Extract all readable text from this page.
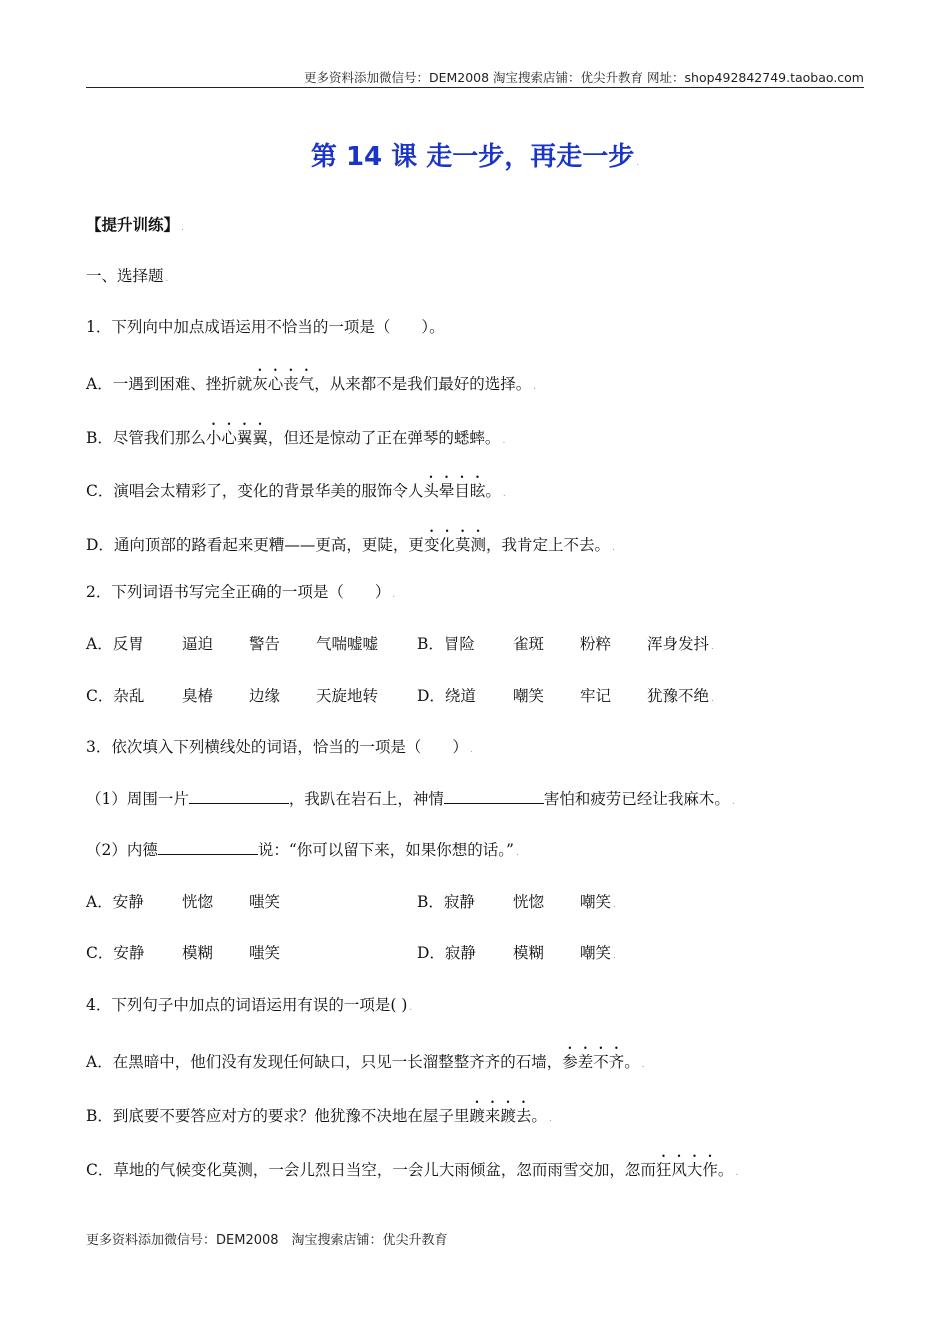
更多资料添加微信号：DEM2008 淘宝搜索店铺：优尖升教育 网址：shop492842749.taobao.com
第 14 课 走一步，再走一步 .
【提升训练】 .
一、选择题 .
1．下列向中加点成语运用不恰当的一项是（　　）。
A．一遇到困难、挫折就灰心丧气，从来都不是我们最好的选择。 .
B．尽管我们那么小心翼翼，但还是惊动了正在弹琴的蟋蟀。 .
C．演唱会太精彩了，变化的背景华美的服饰令人头晕目眩。 .
D．通向顶部的路看起来更糟——更高，更陡，更变化莫测，我肯定上不去。 .
2．下列词语书写完全正确的一项是（　　） .
A．反胃 逼迫 警告 气喘嘘嘘	B．冒险 雀斑 粉粹 浑身发抖 .
C．杂乱 臭椿 边缘 天旋地转	D．绕道 嘲笑 牢记 犹豫不绝 .
3．依次填入下列横线处的词语，恰当的一项是（　　） .
（1）周围一片	，我趴在岩石上，神情	害怕和疲劳已经让我麻木。 .
（2）内德	说：“你可以留下来，如果你想的话。” .
A．安静 恍惚 嗤笑	B．寂静 恍惚 嘲笑 .
C．安静 模糊 嗤笑	D．寂静 模糊 嘲笑 .
4．下列句子中加点的词语运用有误的一项是( ) .
A．在黑暗中，他们没有发现任何缺口，只见一长溜整整齐齐的石墙，参差不齐。 .
B．到底要不要答应对方的要求？他犹豫不决地在屋子里踱来踱去。 .
C．草地的气候变化莫测，一会儿烈日当空，一会儿大雨倾盆，忽而雨雪交加，忽而狂风大作。 .
更多资料添加微信号：DEM2008　淘宝搜索店铺：优尖升教育
